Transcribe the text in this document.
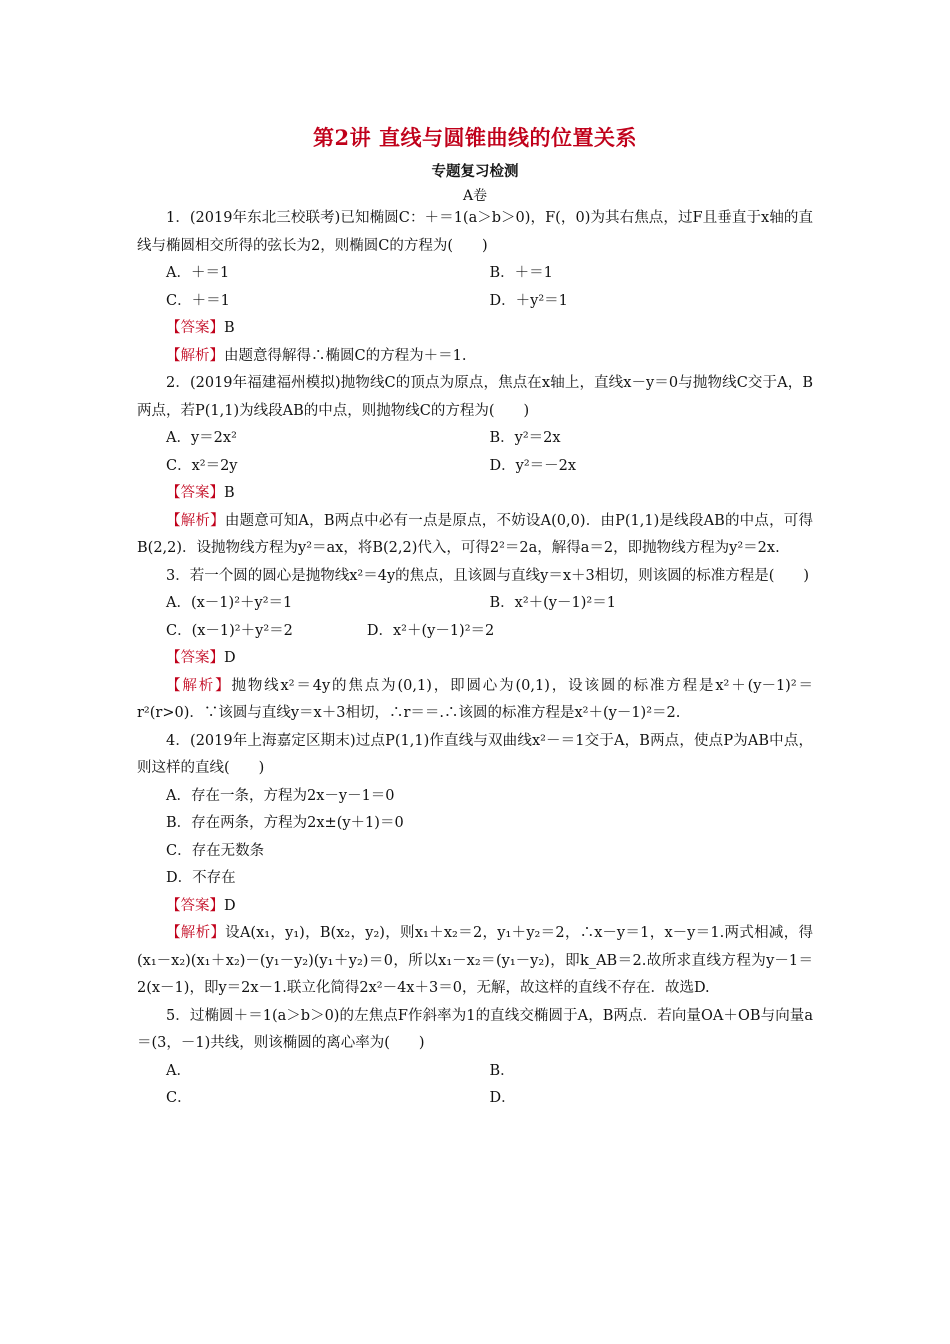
第2讲 直线与圆锥曲线的位置关系
专题复习检测
A卷

1．(2019年东北三校联考)已知椭圆C：＋＝1(a＞b＞0)，F(，0)为其右焦点，过F且垂直于x轴的直线与椭圆相交所得的弦长为2，则椭圆C的方程为(　　)

A．＋＝1	B．＋＝1
C．＋＝1	D．＋y²＝1
【答案】B

【解析】由题意得解得∴椭圆C的方程为＋＝1.

2．(2019年福建福州模拟)抛物线C的顶点为原点，焦点在x轴上，直线x－y＝0与抛物线C交于A，B两点，若P(1,1)为线段AB的中点，则抛物线C的方程为(　　)

A．y＝2x²	B．y²＝2x
C．x²＝2y	D．y²＝－2x
【答案】B

【解析】由题意可知A，B两点中必有一点是原点，不妨设A(0,0)．由P(1,1)是线段AB的中点，可得B(2,2)．设抛物线方程为y²＝ax，将B(2,2)代入，可得2²＝2a，解得a＝2，即抛物线方程为y²＝2x.

3．若一个圆的圆心是抛物线x²＝4y的焦点，且该圆与直线y＝x＋3相切，则该圆的标准方程是(　　)

A．(x－1)²＋y²＝1	B．x²＋(y－1)²＝1
C．(x－1)²＋y²＝2	D．x²＋(y－1)²＝2
【答案】D

【解析】抛物线x²＝4y的焦点为(0,1)，即圆心为(0,1)，设该圆的标准方程是x²＋(y－1)²＝r²(r>0)．∵该圆与直线y＝x＋3相切，∴r＝＝.∴该圆的标准方程是x²＋(y－1)²＝2.

4．(2019年上海嘉定区期末)过点P(1,1)作直线与双曲线x²－＝1交于A，B两点，使点P为AB中点，则这样的直线(　　)

A．存在一条，方程为2x－y－1＝0
B．存在两条，方程为2x±(y＋1)＝0
C．存在无数条
D．不存在
【答案】D

【解析】设A(x₁，y₁)，B(x₂，y₂)，则x₁＋x₂＝2，y₁＋y₂＝2，∴x－y＝1，x－y＝1.两式相减，得(x₁－x₂)(x₁＋x₂)－(y₁－y₂)(y₁＋y₂)＝0，所以x₁－x₂＝(y₁－y₂)，即k_AB＝2.故所求直线方程为y－1＝2(x－1)，即y＝2x－1.联立化简得2x²－4x＋3＝0，无解，故这样的直线不存在．故选D.

5．过椭圆＋＝1(a＞b＞0)的左焦点F作斜率为1的直线交椭圆于A，B两点．若向量OA＋OB与向量a＝(3，－1)共线，则该椭圆的离心率为(　　)

A．	B．
C．	D．
